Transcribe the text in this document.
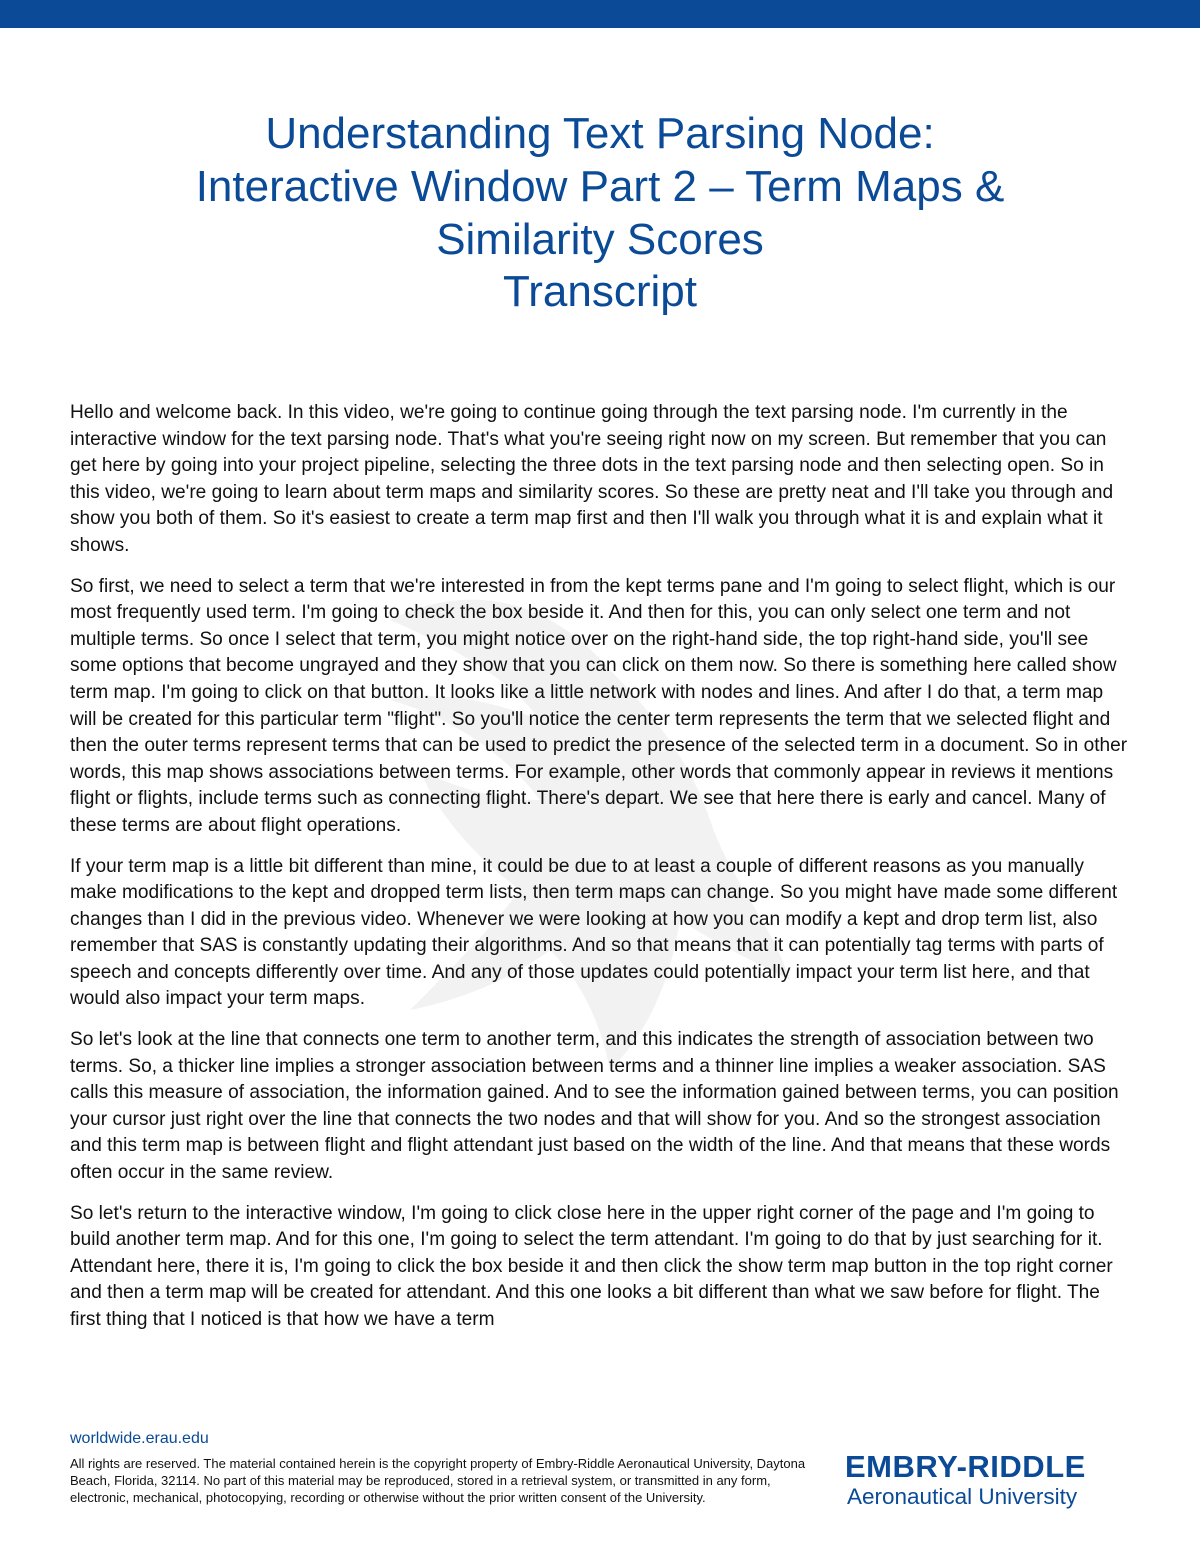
Understanding Text Parsing Node:
Interactive Window Part 2 – Term Maps &
Similarity Scores
Transcript

Hello and welcome back. In this video, we're going to continue going through the text parsing node. I'm currently in the interactive window for the text parsing node. That's what you're seeing right now on my screen. But remember that you can get here by going into your project pipeline, selecting the three dots in the text parsing node and then selecting open. So in this video, we're going to learn about term maps and similarity scores. So these are pretty neat and I'll take you through and show you both of them. So it's easiest to create a term map first and then I'll walk you through what it is and explain what it shows.

So first, we need to select a term that we're interested in from the kept terms pane and I'm going to select flight, which is our most frequently used term. I'm going to check the box beside it. And then for this, you can only select one term and not multiple terms. So once I select that term, you might notice over on the right-hand side, the top right-hand side, you'll see some options that become ungrayed and they show that you can click on them now. So there is something here called show term map. I'm going to click on that button. It looks like a little network with nodes and lines. And after I do that, a term map will be created for this particular term "flight". So you'll notice the center term represents the term that we selected flight and then the outer terms represent terms that can be used to predict the presence of the selected term in a document. So in other words, this map shows associations between terms. For example, other words that commonly appear in reviews it mentions flight or flights, include terms such as connecting flight. There's depart. We see that here there is early and cancel. Many of these terms are about flight operations.

If your term map is a little bit different than mine, it could be due to at least a couple of different reasons as you manually make modifications to the kept and dropped term lists, then term maps can change. So you might have made some different changes than I did in the previous video. Whenever we were looking at how you can modify a kept and drop term list, also remember that SAS is constantly updating their algorithms. And so that means that it can potentially tag terms with parts of speech and concepts differently over time. And any of those updates could potentially impact your term list here, and that would also impact your term maps.

So let's look at the line that connects one term to another term, and this indicates the strength of association between two terms. So, a thicker line implies a stronger association between terms and a thinner line implies a weaker association. SAS calls this measure of association, the information gained. And to see the information gained between terms, you can position your cursor just right over the line that connects the two nodes and that will show for you. And so the strongest association and this term map is between flight and flight attendant just based on the width of the line. And that means that these words often occur in the same review.

So let's return to the interactive window, I'm going to click close here in the upper right corner of the page and I'm going to build another term map. And for this one, I'm going to select the term attendant. I'm going to do that by just searching for it. Attendant here, there it is, I'm going to click the box beside it and then click the show term map button in the top right corner and then a term map will be created for attendant. And this one looks a bit different than what we saw before for flight. The first thing that I noticed is that how we have a term

worldwide.erau.edu
All rights are reserved. The material contained herein is the copyright property of Embry-Riddle Aeronautical University, Daytona Beach, Florida, 32114. No part of this material may be reproduced, stored in a retrieval system, or transmitted in any form, electronic, mechanical, photocopying, recording or otherwise without the prior written consent of the University.
EMBRY-RIDDLE
Aeronautical University
